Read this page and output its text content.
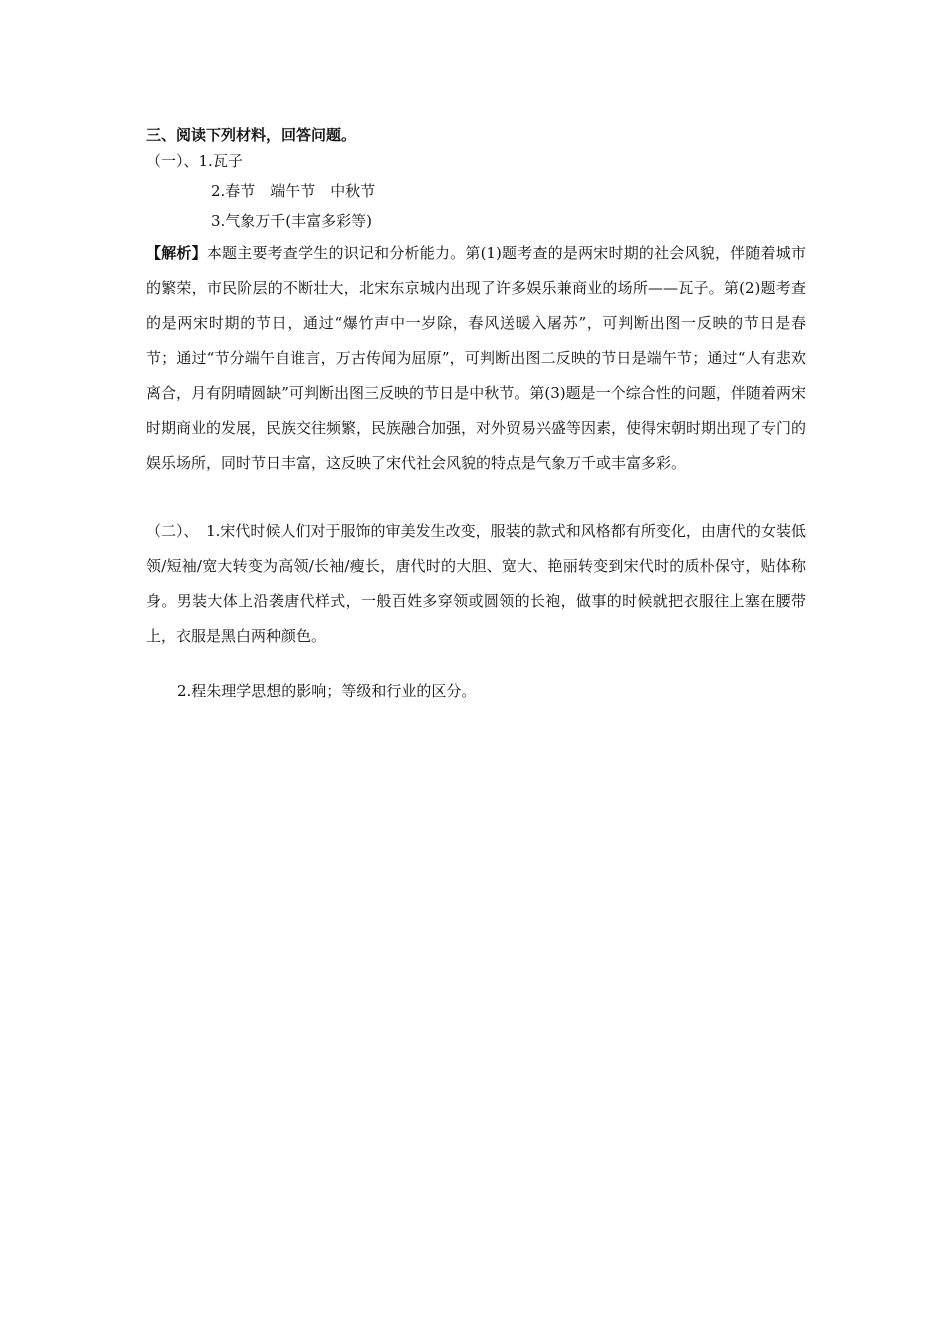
三、阅读下列材料，回答问题。

（一）、1.瓦子

2.春节　端午节　中秋节

3.气象万千(丰富多彩等)

【解析】本题主要考查学生的识记和分析能力。第(1)题考查的是两宋时期的社会风貌，伴随着城市的繁荣，市民阶层的不断壮大，北宋东京城内出现了许多娱乐兼商业的场所——瓦子。第(2)题考查的是两宋时期的节日，通过“爆竹声中一岁除，春风送暖入屠苏”，可判断出图一反映的节日是春节；通过“节分端午自谁言，万古传闻为屈原”，可判断出图二反映的节日是端午节；通过“人有悲欢离合，月有阴晴圆缺”可判断出图三反映的节日是中秋节。第(3)题是一个综合性的问题，伴随着两宋时期商业的发展，民族交往频繁，民族融合加强，对外贸易兴盛等因素，使得宋朝时期出现了专门的娱乐场所，同时节日丰富，这反映了宋代社会风貌的特点是气象万千或丰富多彩。

（二）、　1.宋代时候人们对于服饰的审美发生改变，服装的款式和风格都有所变化，由唐代的女装低领/短袖/宽大转变为高领/长袖/瘦长，唐代时的大胆、宽大、艳丽转变到宋代时的质朴保守，贴体称身。男装大体上沿袭唐代样式，一般百姓多穿领或圆领的长袍，做事的时候就把衣服往上塞在腰带上，衣服是黑白两种颜色。

2.程朱理学思想的影响；等级和行业的区分。
